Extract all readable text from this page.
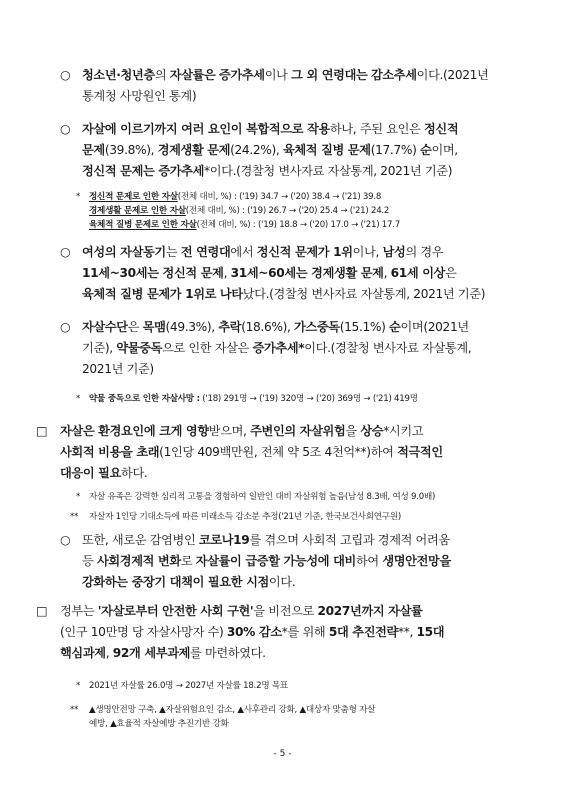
○ 청소년·청년층의 자살률은 증가추세이나 그 외 연령대는 감소추세이다.(2021년
통계청 사망원인 통계)
○ 자살에 이르기까지 여러 요인이 복합적으로 작용하나, 주된 요인은 정신적
문제(39.8%), 경제생활 문제(24.2%), 육체적 질병 문제(17.7%) 순이며,
정신적 문제는 증가추세*이다.(경찰청 변사자료 자살통계, 2021년 기준)
* 정신적 문제로 인한 자살(전체 대비, %) : ('19) 34.7 → ('20) 38.4 → ('21) 39.8
경제생활 문제로 인한 자살(전체 대비, %) : ('19) 26.7 → ('20) 25.4 → ('21) 24.2
육체적 질병 문제로 인한 자살(전체 대비, %) : ('19) 18.8 → ('20) 17.0 → ('21) 17.7
○ 여성의 자살동기는 전 연령대에서 정신적 문제가 1위이나, 남성의 경우
11세~30세는 정신적 문제, 31세~60세는 경제생활 문제, 61세 이상은
육체적 질병 문제가 1위로 나타났다.(경찰청 변사자료 자살통계, 2021년 기준)
○ 자살수단은 목맴(49.3%), 추락(18.6%), 가스중독(15.1%) 순이며(2021년
기준), 약물중독으로 인한 자살은 증가추세*이다.(경찰청 변사자료 자살통계,
2021년 기준)
* 약물 중독으로 인한 자살사망 : ('18) 291명 → ('19) 320명 → ('20) 369명 → ('21) 419명
□ 자살은 환경요인에 크게 영향받으며, 주변인의 자살위험을 상승*시키고
사회적 비용을 초래(1인당 409백만원, 전체 약 5조 4천억**)하여 적극적인
대응이 필요하다.
* 자살 유족은 강력한 심리적 고통을 경험하여 일반인 대비 자살위험 높음(남성 8.3배, 여성 9.0배)
** 자살자 1인당 기대소득에 따른 미래소득 감소분 추정('21년 기준, 한국보건사회연구원)
○ 또한, 새로운 감염병인 코로나19를 겪으며 사회적 고립과 경제적 어려움
등 사회경제적 변화로 자살률이 급증할 가능성에 대비하여 생명안전망을
강화하는 중장기 대책이 필요한 시점이다.
□ 정부는 '자살로부터 안전한 사회 구현'을 비전으로 2027년까지 자살률
(인구 10만명 당 자살사망자 수) 30% 감소*를 위해 5대 추진전략**, 15대
핵심과제, 92개 세부과제를 마련하였다.
* 2021년 자살률 26.0명 → 2027년 자살률 18.2명 목표
** ▲생명안전망 구축, ▲자살위험요인 감소, ▲사후관리 강화, ▲대상자 맞춤형 자살
예방, ▲효율적 자살예방 추진기반 강화
- 5 -
